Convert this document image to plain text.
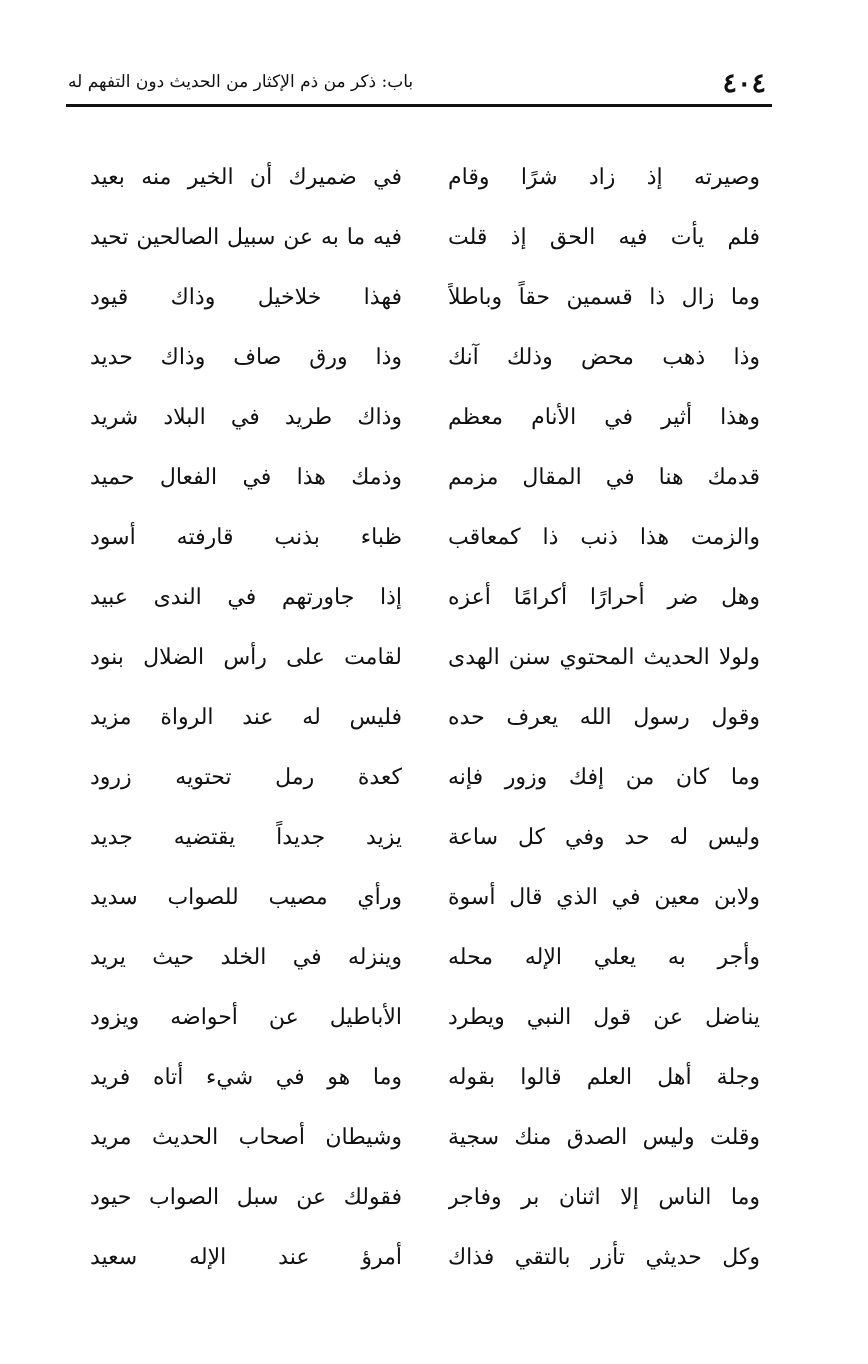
٤٠٤
باب: ذكر من ذم الإكثار من الحديث دون التفهم له
وصيرته إذ زاد شرًا وقام
في ضميرك أن الخير منه بعيد
فلم يأت فيه الحق إذ قلت
فيه ما به عن سبيل الصالحين تحيد
وما زال ذا قسمين حقاً وباطلاً
فهذا خلاخيل وذاك قيود
وذا ذهب محض وذلك آنك
وذا ورق صاف وذاك حديد
وهذا أثير في الأنام معظم
وذاك طريد في البلاد شريد
قدمك هنا في المقال مزمم
وذمك هذا في الفعال حميد
والزمت هذا ذنب ذا كمعاقب
ظباء بذنب قارفته أسود
وهل ضر أحرارًا أكرامًا أعزه
إذا جاورتهم في الندى عبيد
ولولا الحديث المحتوي سنن الهدى
لقامت على رأس الضلال بنود
وقول رسول الله يعرف حده
فليس له عند الرواة مزيد
وما كان من إفك وزور فإنه
كعدة رمل تحتويه زرود
وليس له حد وفي كل ساعة
يزيد جديداً يقتضيه جديد
ولابن معين في الذي قال أسوة
ورأي مصيب للصواب سديد
وأجر به يعلي الإله محله
وينزله في الخلد حيث يريد
يناضل عن قول النبي ويطرد
الأباطيل عن أحواضه ويزود
وجلة أهل العلم قالوا بقوله
وما هو في شيء أتاه فريد
وقلت وليس الصدق منك سجية
وشيطان أصحاب الحديث مريد
وما الناس إلا اثنان بر وفاجر
فقولك عن سبل الصواب حيود
وكل حديثي تأزر بالتقي فذاك
أمرؤ عند الإله سعيد
